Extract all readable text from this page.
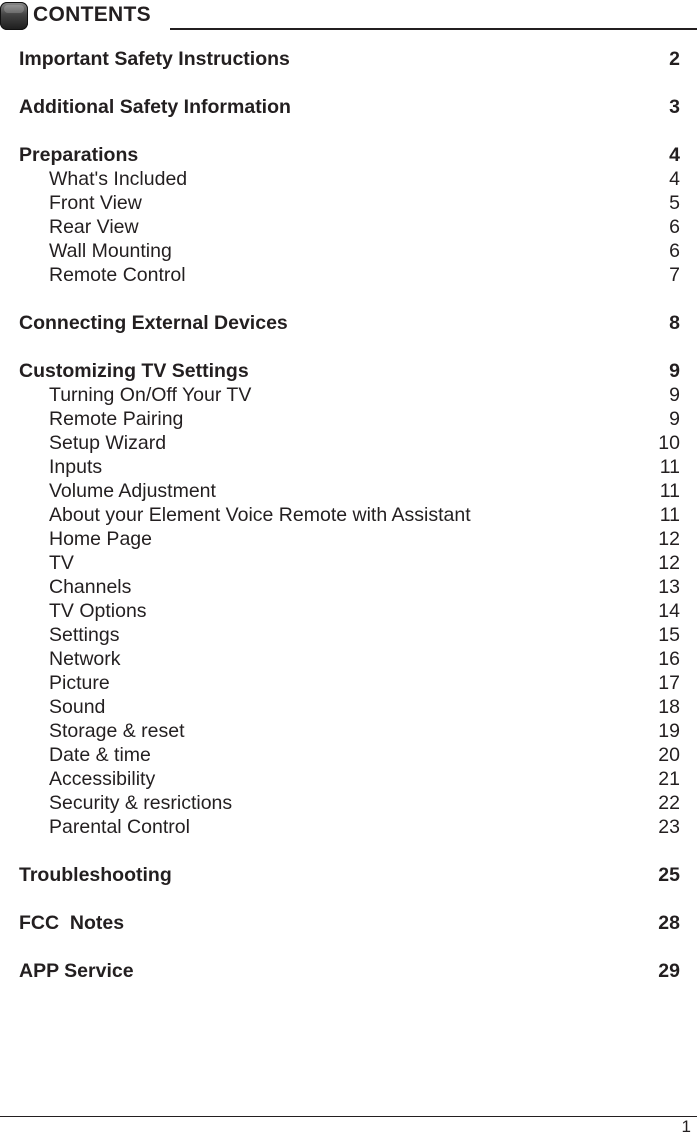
CONTENTS
Important Safety Instructions	2
Additional Safety Information	3
Preparations	4
What's Included	4
Front View	5
Rear View	6
Wall Mounting	6
Remote Control	7
Connecting External Devices	8
Customizing TV Settings	9
Turning On/Off Your TV	9
Remote Pairing	9
Setup Wizard	10
Inputs	11
Volume Adjustment	11
About your Element Voice Remote with Assistant	11
Home Page	12
TV	12
Channels	13
TV Options	14
Settings	15
Network	16
Picture	17
Sound	18
Storage & reset	19
Date & time	20
Accessibility	21
Security & resrictions	22
Parental Control	23
Troubleshooting	25
FCC  Notes	28
APP Service	29
1
